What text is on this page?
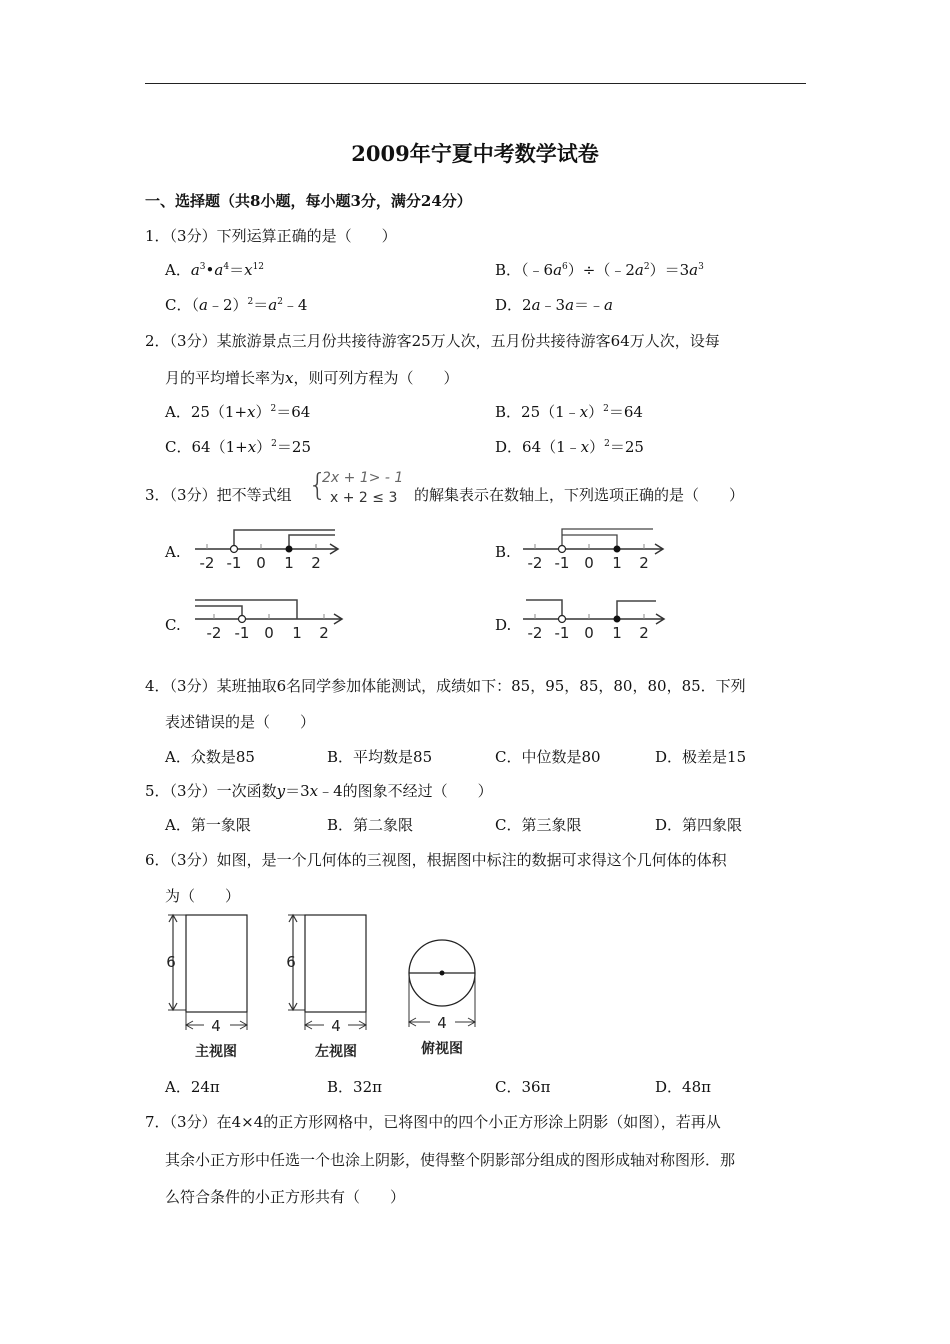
2009年宁夏中考数学试卷
一、选择题（共8小题，每小题3分，满分24分）
1．（3分）下列运算正确的是（　　）
A．$a^3•a^4=x^{12}$	B．$(﹣6a^6)\div(﹣2a^2)=3a^3$
C．$(a﹣2)^2=a^2﹣4$	D．2a﹣3a＝﹣a
2．（3分）某旅游景点三月份共接待游客25万人次，五月份共接待游客64万人次，设每
月的平均增长率为x，则可列方程为（　　）
A．$25(1+x)^2=64$	B．25（1﹣x）$^2$＝64
C．$64(1+x)^2=25$	D．64（1﹣x）$^2$＝25
3．（3分）把不等式组 {
2x + 1> - 1
x + 2 ≤ 3 的解集表示在数轴上，下列选项正确的是（　　）
A.	B.
C.	D.
-2 -1 0 1 2	-2 -1 0 1 2
-2 -1 0 1 2	-2 -1 0 1 2
4．（3分）某班抽取6名同学参加体能测试，成绩如下：85，95，85，80，80，85．下列
表述错误的是（　　）
A．众数是85	B．平均数是85	C．中位数是80	D．极差是15
5．（3分）一次函数y＝3x﹣4的图象不经过（　　）
A．第一象限	B．第二象限	C．第三象限	D．第四象限
6．（3分）如图，是一个几何体的三视图，根据图中标注的数据可求得这个几何体的体积
为（　　）
6
4
主视图
6
4
左视图
4
俯视图
A．24π	B．32π	C．36π	D．48π
7．（3分）在4×4的正方形网格中，已将图中的四个小正方形涂上阴影（如图），若再从
其余小正方形中任选一个也涂上阴影，使得整个阴影部分组成的图形成轴对称图形．那
么符合条件的小正方形共有（　　）
